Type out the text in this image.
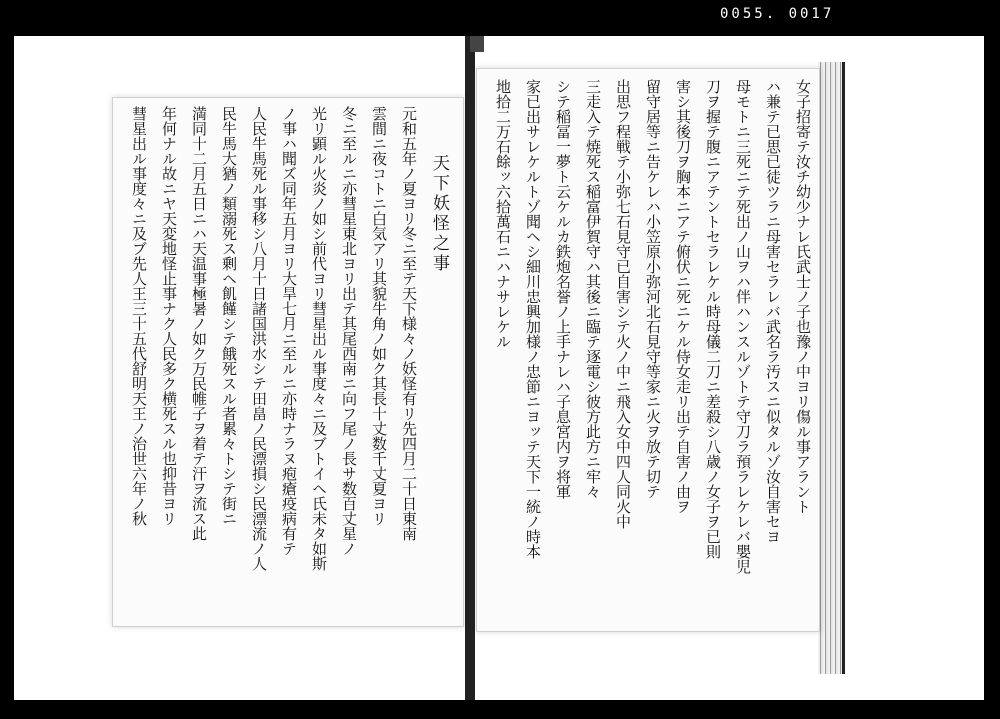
0055. 0017
女子招寄テ汝チ幼少ナレ氏武士ノ子也豫ノ中ヨリ傷ル事アラント
ハ兼テ已思已徒ツラニ母害セラレバ武名ラ汚スニ似タルゾ汝自害セヨ
母モトニ三死ニテ死出ノ山ヲハ伴ハンスルゾトテ守刀ラ預ラレケレバ嬰児
刀ヲ握テ腹ニアテントセラレケル時母儀二刀ニ差殺シ八歳ノ女子ヲ已則
害シ其後刀ヲ胸本ニアテ俯伏ニ死ニケル侍女走リ出テ自害ノ由ヲ
留守居等ニ告ケレハ小笠原小弥河北石見守等家ニ火ヲ放テ切テ
出思フ程戦テ小弥七石見守已自害シテ火ノ中ニ飛入女中四人同火中
三走入テ焼死ス稲富伊賀守ハ其後ニ臨テ逐電シ彼方此方ニ牢々
シテ稲冨一夢ト云ケルカ鉄炮名誉ノ上手ナレハ子息宮内ヲ将軍
家已出サレケルトゾ聞ヘシ細川忠興加様ノ忠節ニヨッテ天下一統ノ時本
地拾二万石餘ッ六拾萬石ニハナサレケル
天下妖怪之事
元和五年ノ夏ヨリ冬ニ至テ天下様々ノ妖怪有リ先四月二十日東南
雲間ニ夜コトニ白気アリ其貌牛角ノ如ク其長十丈数千丈夏ヨリ
冬ニ至ルニ亦彗星東北ヨリ出テ其尾西南ニ向フ尾ノ長サ数百丈星ノ
光リ顕ル火炎ノ如シ前代ヨリ彗星出ル事度々ニ及ブトイヘ氏未タ如斯
ノ事ハ聞ズ同年五月ヨリ大旱七月ニ至ルニ亦時ナラヌ疱瘡疫病有テ
人民牛馬死ル事移シ八月十日諸国洪水シテ田畠ノ民漂損シ民漂流ノ人
民牛馬大猶ノ類溺死ス剰ヘ飢饉シテ餓死スル者累々トシテ街ニ
満同十二月五日ニハ天温事極暑ノ如ク万民帷子ヲ着テ汗ヲ流ス此
年何ナル故ニヤ天変地怪止事ナク人民多ク横死スル也抑昔ヨリ
彗星出ル事度々ニ及ブ先人王三十五代舒明天王ノ治世六年ノ秋
